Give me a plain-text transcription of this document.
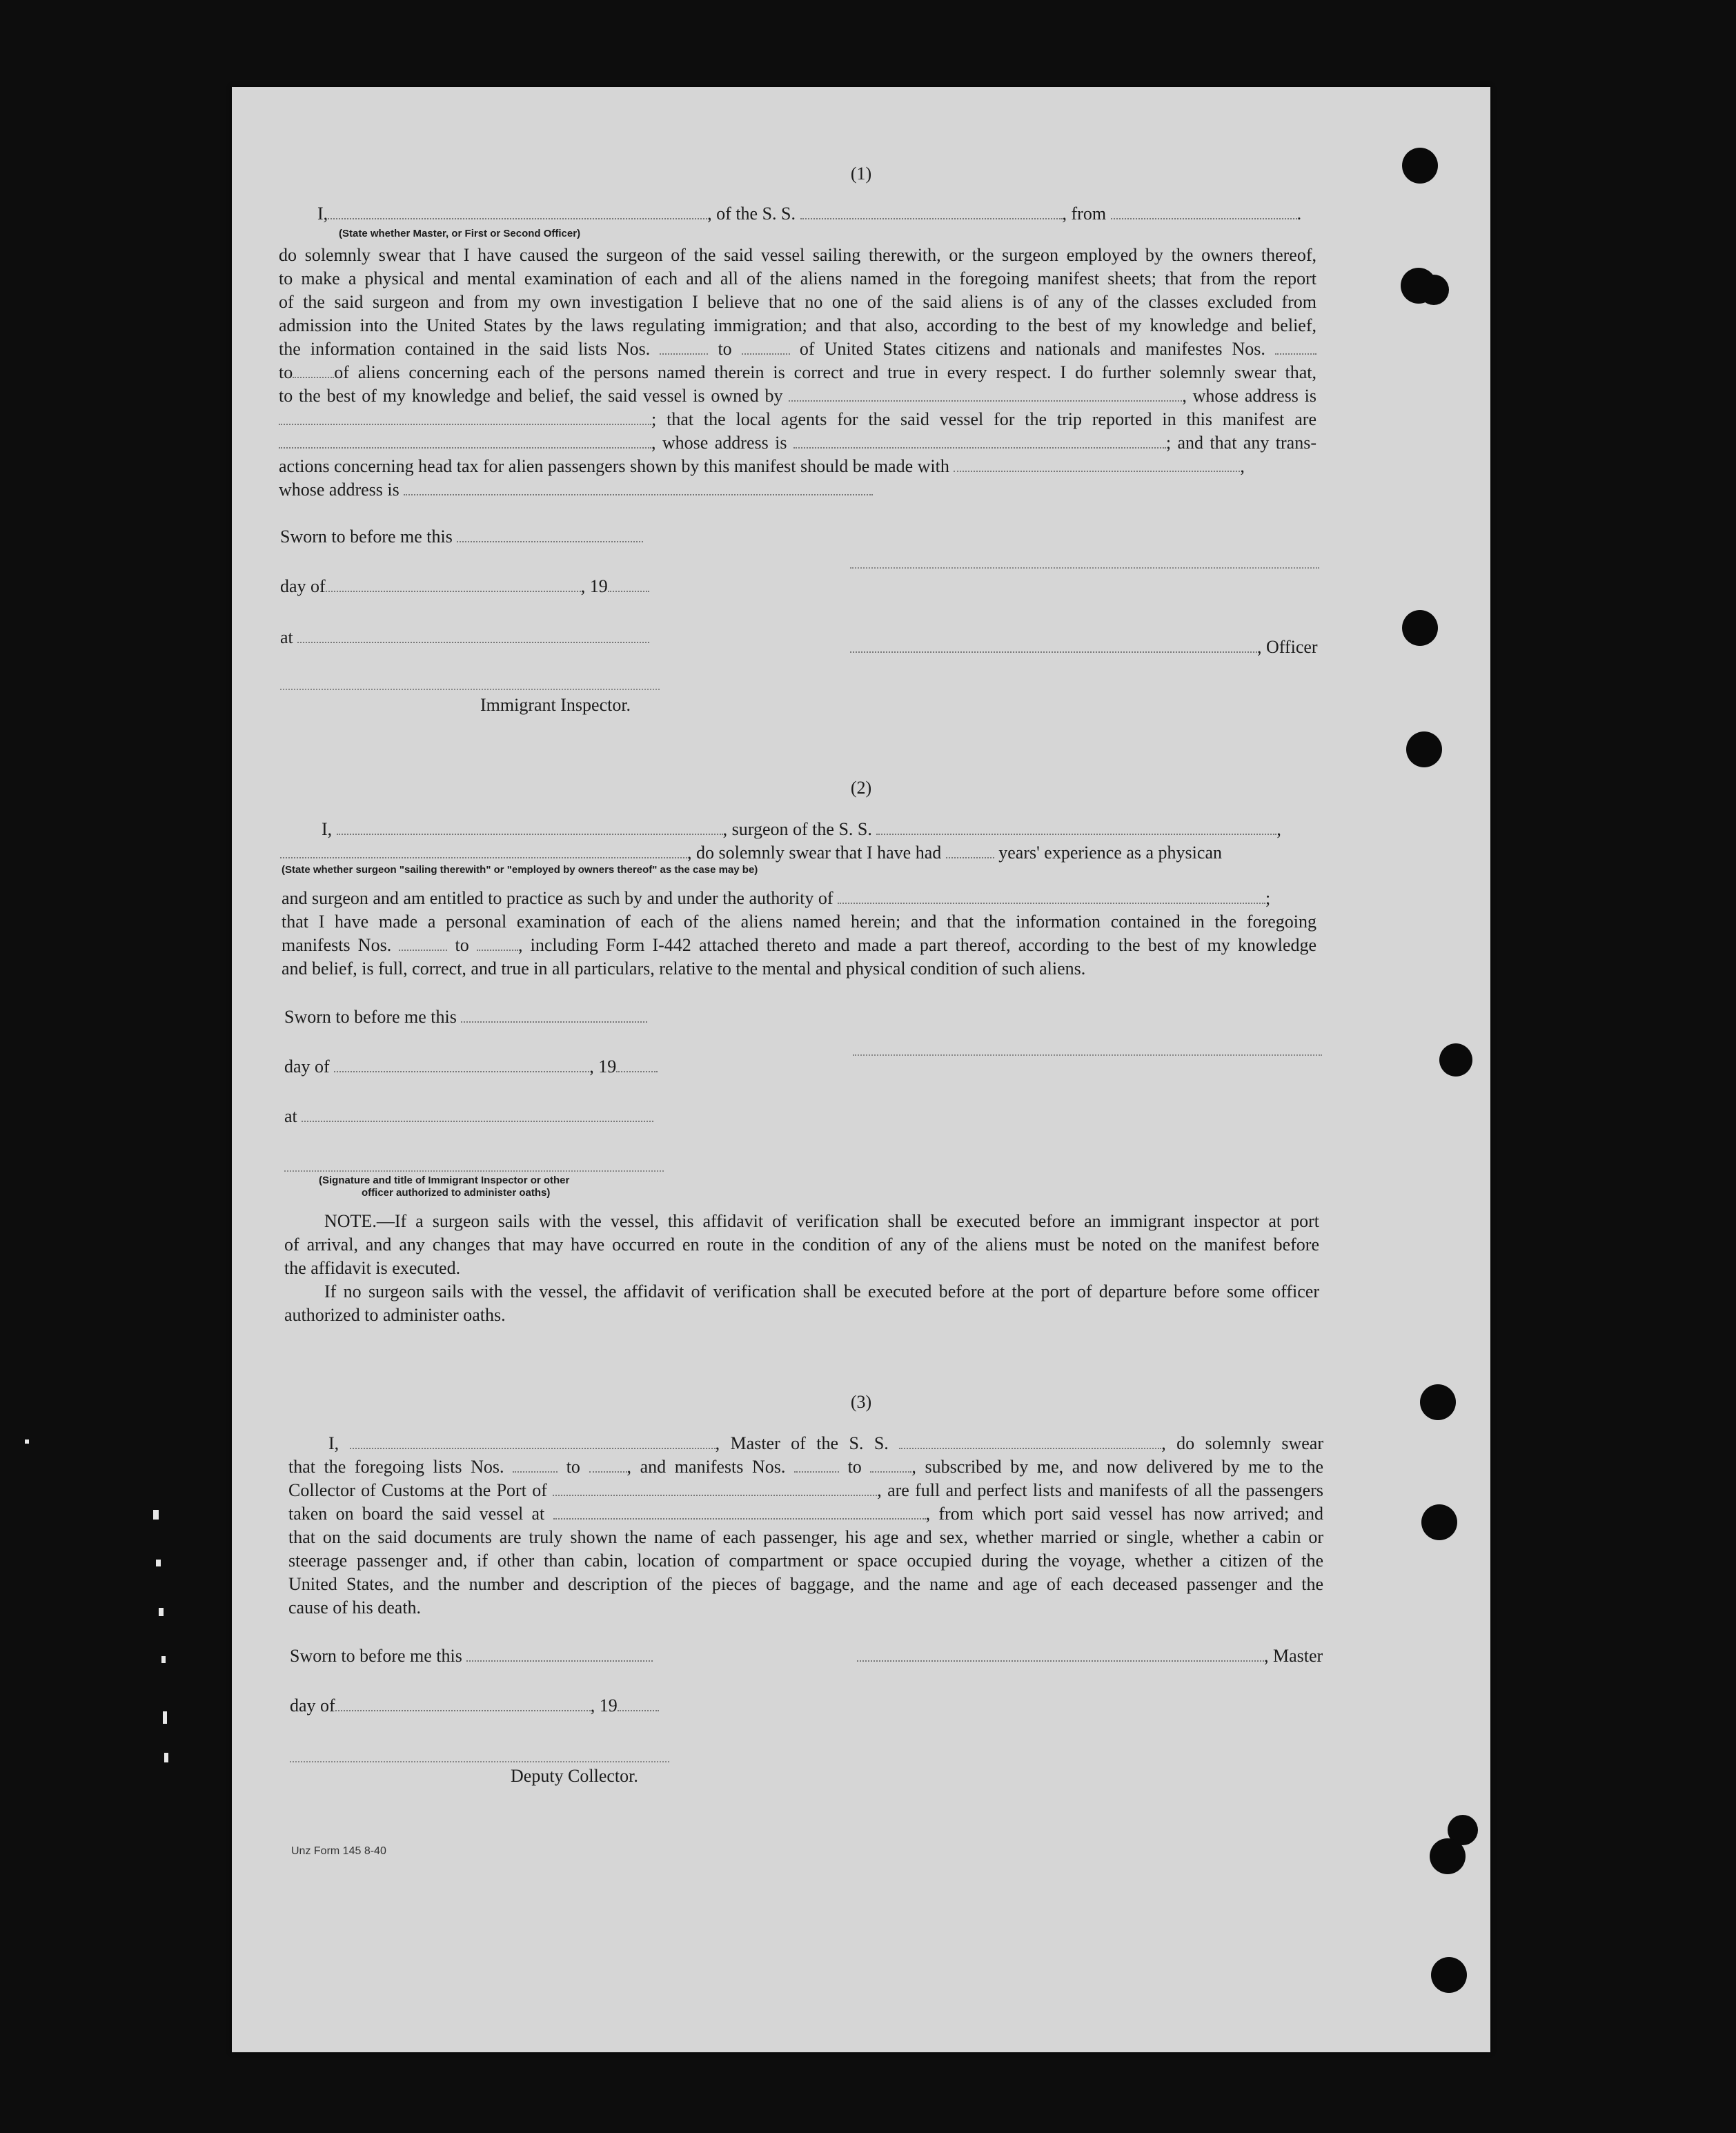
(1)
I,	, of the S. S.	, from	.
(State whether Master, or First or Second Officer)
do solemnly swear that I have caused the surgeon of the said vessel sailing therewith, or the surgeon employed by the owners thereof,
to make a physical and mental examination of each and all of the aliens named in the foregoing manifest sheets; that from the report
of the said surgeon and from my own investigation I believe that no one of the said aliens is of any of the classes excluded from
admission into the United States by the laws regulating immigration; and that also, according to the best of my knowledge and belief,
the information contained in the said lists Nos.	to	of United States citizens and nationals and manifestes Nos.
to of aliens concerning each of the persons named therein is correct and true in every respect. I do further solemnly swear that,
to the best of my knowledge and belief, the said vessel is owned by	, whose address is
; that the local agents for the said vessel for the trip reported in this manifest are
, whose address is	; and that any trans-
actions concerning head tax for alien passengers shown by this manifest should be made with	,
whose address is
Sworn to before me this
day of	, 19
at	, Officer
Immigrant Inspector.
(2)
I,	, surgeon of the S. S.	,
, do solemnly swear that I have had	years' experience as a physican
(State whether surgeon "sailing therewith" or "employed by owners thereof" as the case may be)
and surgeon and am entitled to practice as such by and under the authority of	;
that I have made a personal examination of each of the aliens named herein; and that the information contained in the foregoing
manifests Nos.	to	, including Form I-442 attached thereto and made a part thereof, according to the best of my knowledge
and belief, is full, correct, and true in all particulars, relative to the mental and physical condition of such aliens.
Sworn to before me this
day of	, 19
at
(Signature and title of Immigrant Inspector or other
officer authorized to administer oaths)
NOTE.—If a surgeon sails with the vessel, this affidavit of verification shall be executed before an immigrant inspector at port
of arrival, and any changes that may have occurred en route in the condition of any of the aliens must be noted on the manifest before
the affidavit is executed.
If no surgeon sails with the vessel, the affidavit of verification shall be executed before at the port of departure before some officer
authorized to administer oaths.
(3)
I,	, Master of the S. S.	, do solemnly swear
that the foregoing lists Nos.	to	, and manifests Nos.	to	, subscribed by me, and now delivered by me to the
Collector of Customs at the Port of	, are full and perfect lists and manifests of all the passengers
taken on board the said vessel at	, from which port said vessel has now arrived; and
that on the said documents are truly shown the name of each passenger, his age and sex, whether married or single, whether a cabin or
steerage passenger and, if other than cabin, location of compartment or space occupied during the voyage, whether a citizen of the
United States, and the number and description of the pieces of baggage, and the name and age of each deceased passenger and the
cause of his death.
Sworn to before me this	, Master
day of	, 19
Deputy Collector.
Unz Form 145 8-40
